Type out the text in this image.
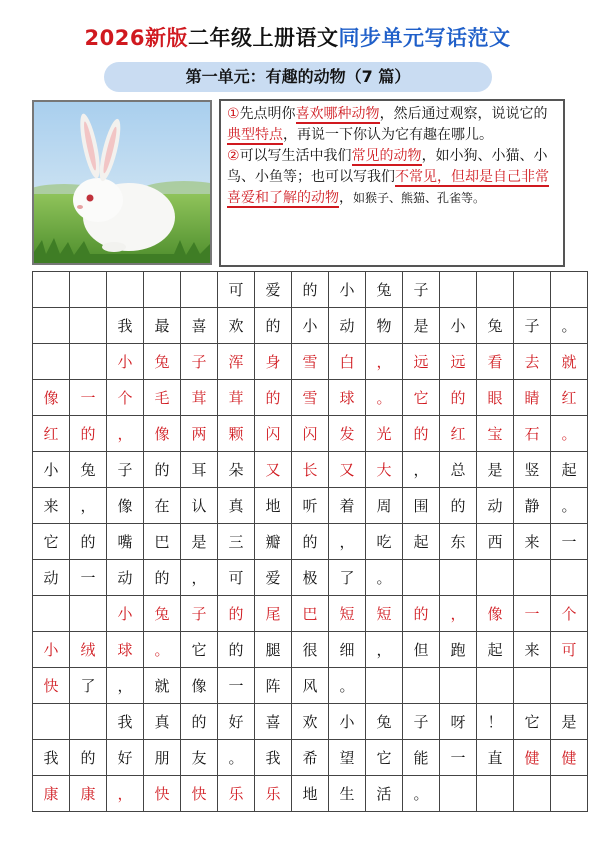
2026新版二年级上册语文同步单元写话范文
第一单元：有趣的动物（7 篇）
①先点明你喜欢哪种动物，然后通过观察，说说它的典型特点，再说一下你认为它有趣在哪儿。
②可以写生活中我们常见的动物，如小狗、小猫、小鸟、小鱼等；也可以写我们不常见，但却是自己非常喜爱和了解的动物，如猴子、熊猫、孔雀等。
					可	爱	的	小	兔	子				
		我	最	喜	欢	的	小	动	物	是	小	兔	子	。
		小	兔	子	浑	身	雪	白	，	远	远	看	去	就
像	一	个	毛	茸	茸	的	雪	球	。	它	的	眼	睛	红
红	的	，	像	两	颗	闪	闪	发	光	的	红	宝	石	。
小	兔	子	的	耳	朵	又	长	又	大	，	总	是	竖	起
来	，	像	在	认	真	地	听	着	周	围	的	动	静	。
它	的	嘴	巴	是	三	瓣	的	，	吃	起	东	西	来	一
动	一	动	的	，	可	爱	极	了	。					
		小	兔	子	的	尾	巴	短	短	的	，	像	一	个
小	绒	球	。	它	的	腿	很	细	，	但	跑	起	来	可
快	了	，	就	像	一	阵	风	。						
		我	真	的	好	喜	欢	小	兔	子	呀	！	它	是
我	的	好	朋	友	。	我	希	望	它	能	一	直	健	健
康	康	，	快	快	乐	乐	地	生	活	。				
